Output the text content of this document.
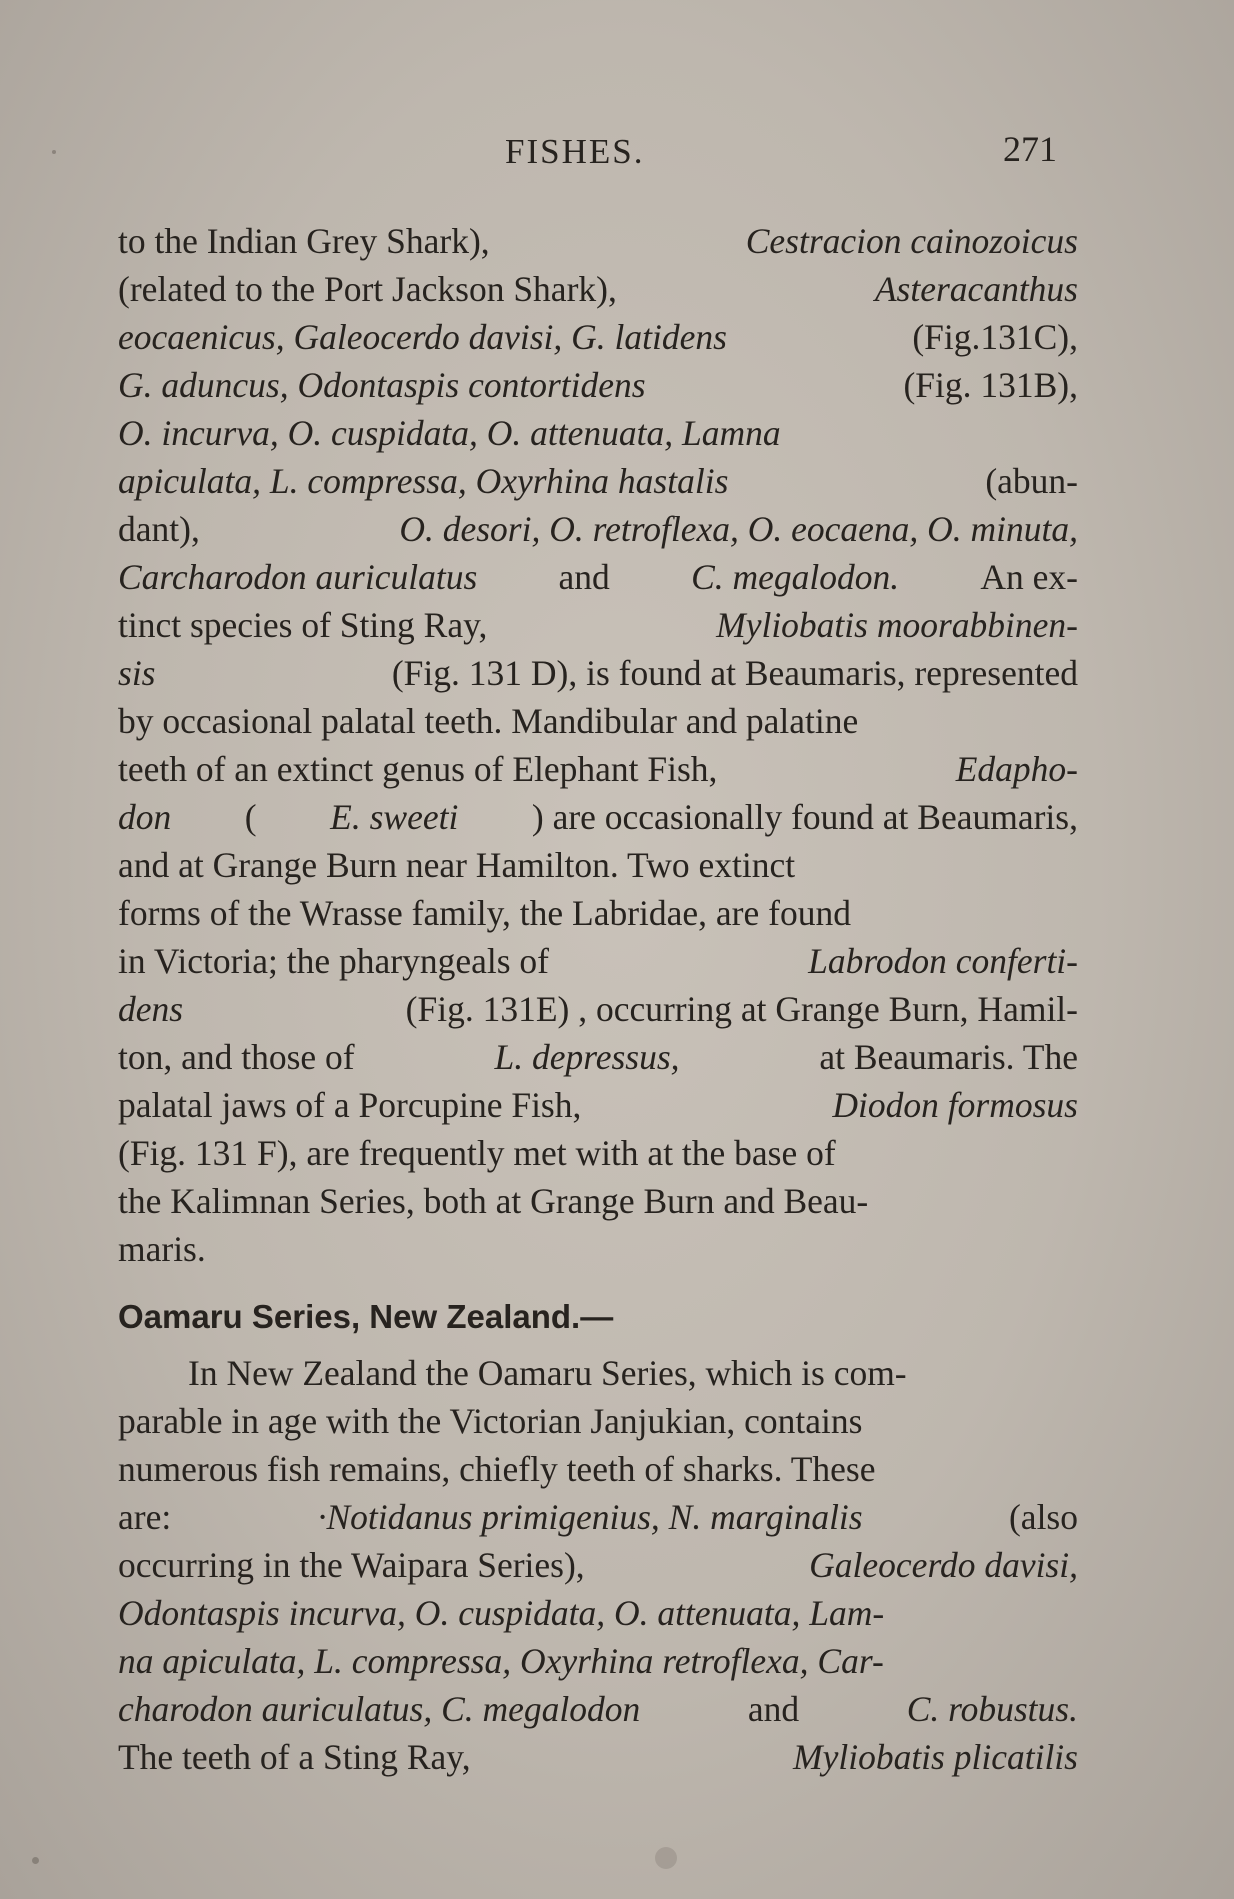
FISHES.	271
to the Indian Grey Shark),	Cestracion cainozoicus
(related to the Port Jackson Shark),	Asteracanthus
eocaenicus, Galeocerdo davisi, G. latidens	(Fig.131C),
G. aduncus, Odontaspis contortidens	(Fig. 131B),
O. incurva, O. cuspidata, O. attenuata, Lamna
apiculata, L. compressa, Oxyrhina hastalis	(abun-
dant),	O. desori, O. retroflexa, O. eocaena, O. minuta,
Carcharodon auriculatus and C. megalodon. An ex-
tinct species of Sting Ray,	Myliobatis moorabbinen-
sis	(Fig. 131 D), is found at Beaumaris, represented
by occasional palatal teeth. Mandibular and palatine
teeth of an extinct genus of Elephant Fish,	Edapho-
don ( E. sweeti ) are occasionally found at Beaumaris,
and at Grange Burn near Hamilton. Two extinct
forms of the Wrasse family, the Labridae, are found
in Victoria; the pharyngeals of	Labrodon conferti-
dens	(Fig. 131E) , occurring at Grange Burn, Hamil-
ton, and those of	L. depressus,	at Beaumaris. The
palatal jaws of a Porcupine Fish,	Diodon formosus
(Fig. 131 F), are frequently met with at the base of
the Kalimnan Series, both at Grange Burn and Beau-
maris.
Oamaru Series, New Zealand.—
In New Zealand the Oamaru Series, which is com-
parable in age with the Victorian Janjukian, contains
numerous fish remains, chiefly teeth of sharks. These
are:	·Notidanus primigenius, N. marginalis	(also
occurring in the Waipara Series),	Galeocerdo davisi,
Odontaspis incurva, O. cuspidata, O. attenuata, Lam-
na apiculata, L. compressa, Oxyrhina retroflexa, Car-
charodon auriculatus, C. megalodon	and	C. robustus.
The teeth of a Sting Ray,	Myliobatis plicatilis
